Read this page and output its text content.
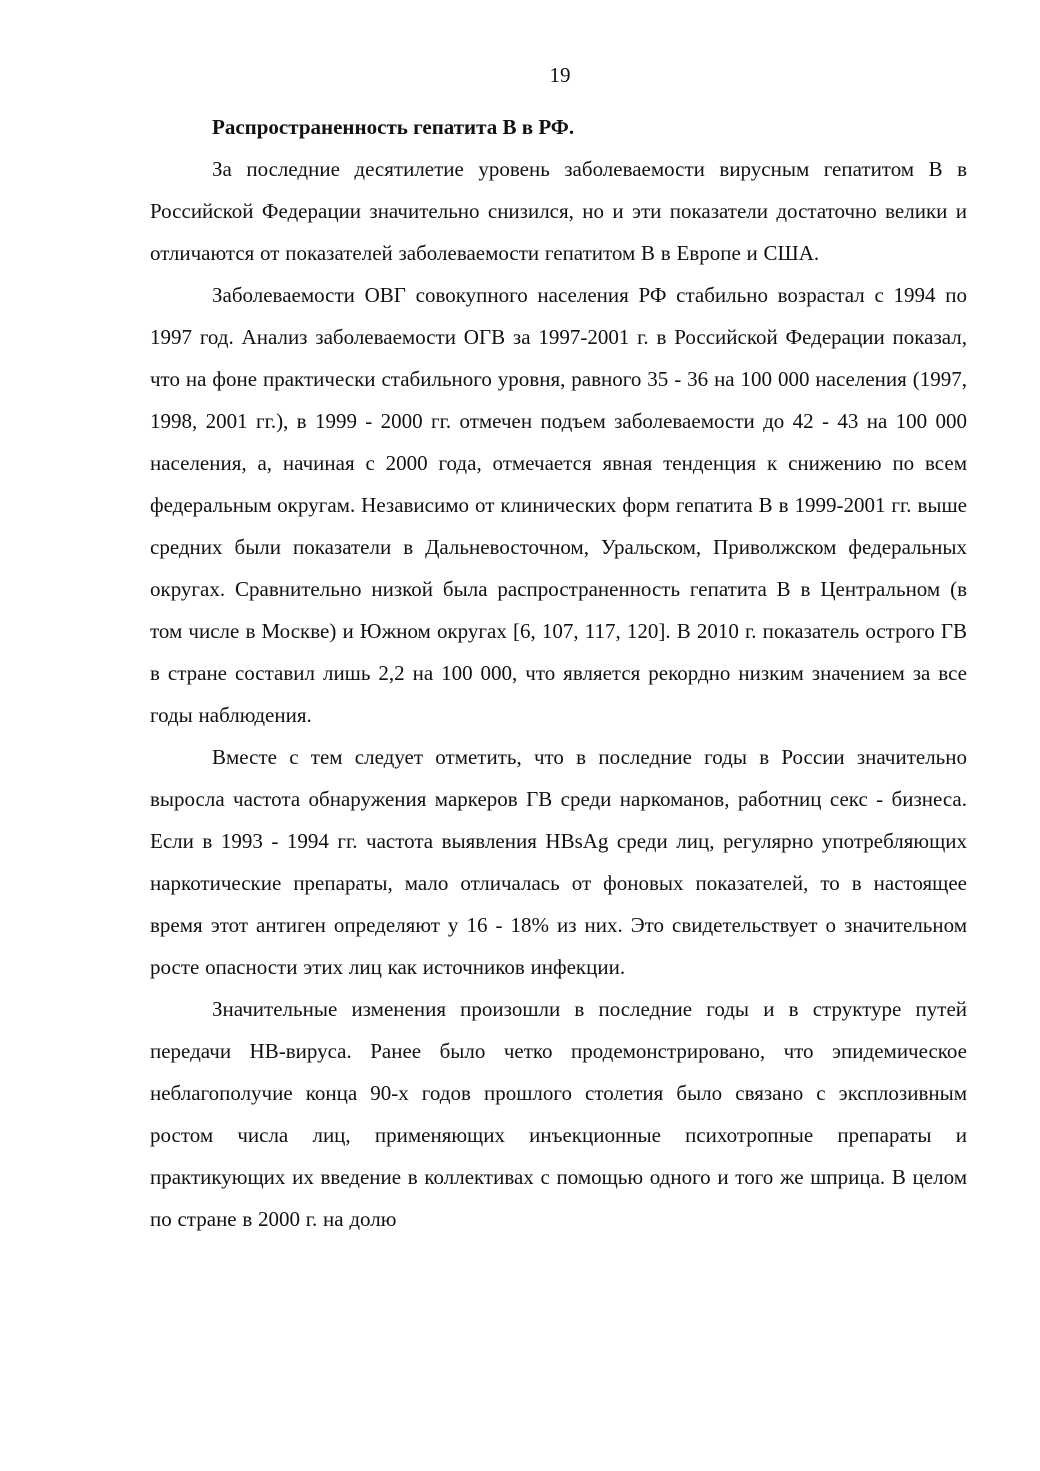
19

Распространенность гепатита В в РФ.

За последние десятилетие уровень заболеваемости вирусным гепатитом В в Российской Федерации значительно снизился, но и эти показатели достаточно велики и отличаются от показателей заболеваемости гепатитом В в Европе и США.

Заболеваемости ОВГ совокупного населения РФ стабильно возрастал с 1994 по 1997 год. Анализ заболеваемости ОГВ за 1997-2001 г. в Российской Федерации показал, что на фоне практически стабильного уровня, равного 35 - 36 на 100 000 населения (1997, 1998, 2001 гг.), в 1999 - 2000 гг. отмечен подъем заболеваемости до 42 - 43 на 100 000 населения, а, начиная с 2000 года, отмечается явная тенденция к снижению по всем федеральным округам. Независимо от клинических форм гепатита В в 1999-2001 гг. выше средних были показатели в Дальневосточном, Уральском, Приволжском федеральных округах. Сравнительно низкой была распространенность гепатита В в Центральном (в том числе в Москве) и Южном округах [6, 107, 117, 120]. В 2010 г. показатель острого ГВ в стране составил лишь 2,2 на 100 000, что является рекордно низким значением за все годы наблюдения.

Вместе с тем следует отметить, что в последние годы в России значительно выросла частота обнаружения маркеров ГВ среди наркоманов, работниц секс - бизнеса. Если в 1993 - 1994 гг. частота выявления HBsAg среди лиц, регулярно употребляющих наркотические препараты, мало отличалась от фоновых показателей, то в настоящее время этот антиген определяют у 16 - 18% из них. Это свидетельствует о значительном росте опасности этих лиц как источников инфекции.

Значительные изменения произошли в последние годы и в структуре путей передачи HB-вируса. Ранее было четко продемонстрировано, что эпидемическое неблагополучие конца 90-х годов прошлого столетия было связано с эксплозивным ростом числа лиц, применяющих инъекционные психотропные препараты и практикующих их введение в коллективах с помощью одного и того же шприца. В целом по стране в 2000 г. на долю
